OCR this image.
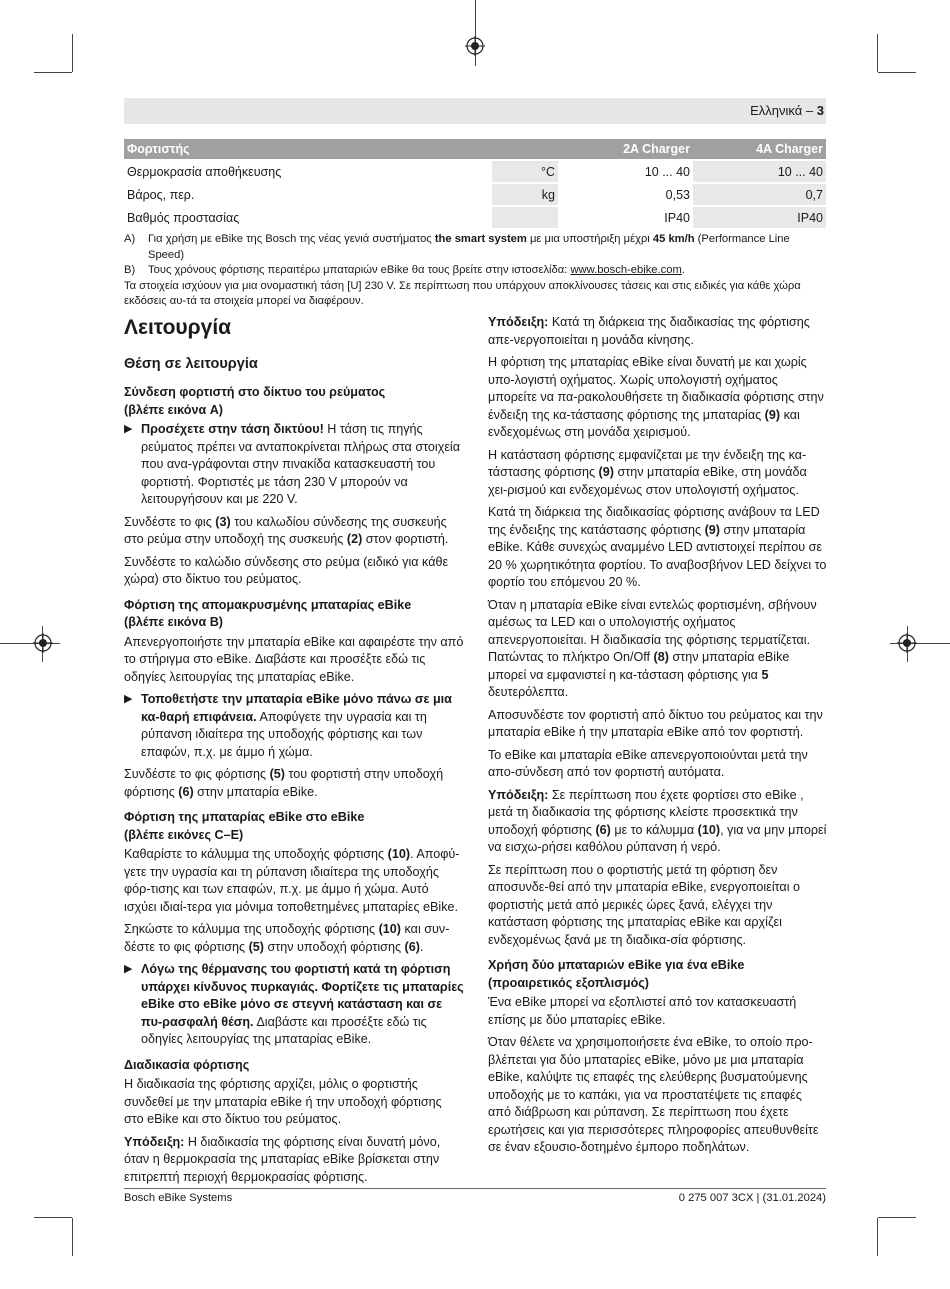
Ελληνικά – 3
Φορτιστής		2A Charger	4A Charger
Θερμοκρασία αποθήκευσης	°C	10 ... 40	10 ... 40
Βάρος, περ.	kg	0,53	0,7
Βαθμός προστασίας		IP40	IP40
A)	Για χρήση με eBike της Bosch της νέας γενιά συστήματος the smart system με μια υποστήριξη μέχρι 45 km/h (Performance Line Speed)
B)	Τους χρόνους φόρτισης περαιτέρω μπαταριών eBike θα τους βρείτε στην ιστοσελίδα: www.bosch-ebike.com.
Τα στοιχεία ισχύουν για μια ονομαστική τάση [U] 230 V. Σε περίπτωση που υπάρχουν αποκλίνουσες τάσεις και στις ειδικές για κάθε χώρα εκδόσεις αυ-τά τα στοιχεία μπορεί να διαφέρουν.
Λειτουργία
Θέση σε λειτουργία
Σύνδεση φορτιστή στο δίκτυο του ρεύματος
(βλέπε εικόνα A)
▶ Προσέχετε στην τάση δικτύου! Η τάση τις πηγής ρεύματος πρέπει να ανταποκρίνεται πλήρως στα στοιχεία που ανα-γράφονται στην πινακίδα κατασκευαστή του φορτιστή. Φορτιστές με τάση 230 V μπορούν να λειτουργήσουν και με 220 V.

Συνδέστε το φις (3) του καλωδίου σύνδεσης της συσκευής στο ρεύμα στην υποδοχή της συσκευής (2) στον φορτιστή.

Συνδέστε το καλώδιο σύνδεσης στο ρεύμα (ειδικό για κάθε χώρα) στο δίκτυο του ρεύματος.

Φόρτιση της απομακρυσμένης μπαταρίας eBike
(βλέπε εικόνα B)

Απενεργοποιήστε την μπαταρία eBike και αφαιρέστε την από το στήριγμα στο eBike. Διαβάστε και προσέξτε εδώ τις οδηγίες λειτουργίας της μπαταρίας eBike.

▶ Τοποθετήστε την μπαταρία eBike μόνο πάνω σε μια κα-θαρή επιφάνεια. Αποφύγετε την υγρασία και τη ρύπανση ιδιαίτερα της υποδοχής φόρτισης και των επαφών, π.χ. με άμμο ή χώμα.

Συνδέστε το φις φόρτισης (5) του φορτιστή στην υποδοχή φόρτισης (6) στην μπαταρία eBike.

Φόρτιση της μπαταρίας eBike στο eBike
(βλέπε εικόνες C–E)

Καθαρίστε το κάλυμμα της υποδοχής φόρτισης (10). Αποφύ-γετε την υγρασία και τη ρύπανση ιδιαίτερα της υποδοχής φόρ-τισης και των επαφών, π.χ. με άμμο ή χώμα. Αυτό ισχύει ιδιαί-τερα για μόνιμα τοποθετημένες μπαταρίες eBike.

Σηκώστε το κάλυμμα της υποδοχής φόρτισης (10) και συν-δέστε το φις φόρτισης (5) στην υποδοχή φόρτισης (6).

▶ Λόγω της θέρμανσης του φορτιστή κατά τη φόρτιση υπάρχει κίνδυνος πυρκαγιάς. Φορτίζετε τις μπαταρίες eBike στο eBike μόνο σε στεγνή κατάσταση και σε πυ-ρασφαλή θέση. Διαβάστε και προσέξτε εδώ τις οδηγίες λειτουργίας της μπαταρίας eBike.
Διαδικασία φόρτισης

Η διαδικασία της φόρτισης αρχίζει, μόλις ο φορτιστής συνδεθεί με την μπαταρία eBike ή την υποδοχή φόρτισης στο eBike και στο δίκτυο του ρεύματος.

Υπόδειξη: Η διαδικασία της φόρτισης είναι δυνατή μόνο, όταν η θερμοκρασία της μπαταρίας eBike βρίσκεται στην επιτρεπτή περιοχή θερμοκρασίας φόρτισης.

Υπόδειξη: Κατά τη διάρκεια της διαδικασίας της φόρτισης απε-νεργοποιείται η μονάδα κίνησης.

Η φόρτιση της μπαταρίας eBike είναι δυνατή με και χωρίς υπο-λογιστή οχήματος. Χωρίς υπολογιστή οχήματος μπορείτε να πα-ρακολουθήσετε τη διαδικασία φόρτισης στην ένδειξη της κα-τάστασης φόρτισης της μπαταρίας (9) και ενδεχομένως στη μονάδα χειρισμού.

Η κατάσταση φόρτισης εμφανίζεται με την ένδειξη της κα-τάστασης φόρτισης (9) στην μπαταρία eBike, στη μονάδα χει-ρισμού και ενδεχομένως στον υπολογιστή οχήματος.

Κατά τη διάρκεια της διαδικασίας φόρτισης ανάβουν τα LED της ένδειξης της κατάστασης φόρτισης (9) στην μπαταρία eBike. Κάθε συνεχώς αναμμένο LED αντιστοιχεί περίπου σε 20 % χωρητικότητα φορτίου. Το αναβοσβήνον LED δείχνει το φορτίο του επόμενου 20 %.

Όταν η μπαταρία eBike είναι εντελώς φορτισμένη, σβήνουν αμέσως τα LED και ο υπολογιστής οχήματος απενεργοποιείται. Η διαδικασία της φόρτισης τερματίζεται. Πατώντας το πλήκτρο On/Off (8) στην μπαταρία eBike μπορεί να εμφανιστεί η κα-τάσταση φόρτισης για 5 δευτερόλεπτα.

Αποσυνδέστε τον φορτιστή από δίκτυο του ρεύματος και την μπαταρία eBike ή την μπαταρία eBike από τον φορτιστή.

Το eBike και μπαταρία eBike απενεργοποιούνται μετά την απο-σύνδεση από τον φορτιστή αυτόματα.

Υπόδειξη: Σε περίπτωση που έχετε φορτίσει στο eBike , μετά τη διαδικασία της φόρτισης κλείστε προσεκτικά την υποδοχή φόρτισης (6) με το κάλυμμα (10), για να μην μπορεί να εισχω-ρήσει καθόλου ρύπανση ή νερό.

Σε περίπτωση που ο φορτιστής μετά τη φόρτιση δεν αποσυνδε-θεί από την μπαταρία eBike, ενεργοποιείται ο φορτιστής μετά από μερικές ώρες ξανά, ελέγχει την κατάσταση φόρτισης της μπαταρίας eBike και αρχίζει ενδεχομένως ξανά με τη διαδικα-σία φόρτισης.

Χρήση δύο μπαταριών eBike για ένα eBike (προαιρετικός εξοπλισμός)

Ένα eBike μπορεί να εξοπλιστεί από τον κατασκευαστή επίσης με δύο μπαταρίες eBike.

Όταν θέλετε να χρησιμοποιήσετε ένα eBike, το οποίο προ-βλέπεται για δύο μπαταρίες eBike, μόνο με μια μπαταρία eBike, καλύψτε τις επαφές της ελεύθερης βυσματούμενης υποδοχής με το καπάκι, για να προστατέψετε τις επαφές από διάβρωση και ρύπανση. Σε περίπτωση που έχετε ερωτήσεις και για περισσότερες πληροφορίες απευθυνθείτε σε έναν εξουσιο-δοτημένο έμπορο ποδηλάτων.

Bosch eBike Systems	0 275 007 3CX | (31.01.2024)
